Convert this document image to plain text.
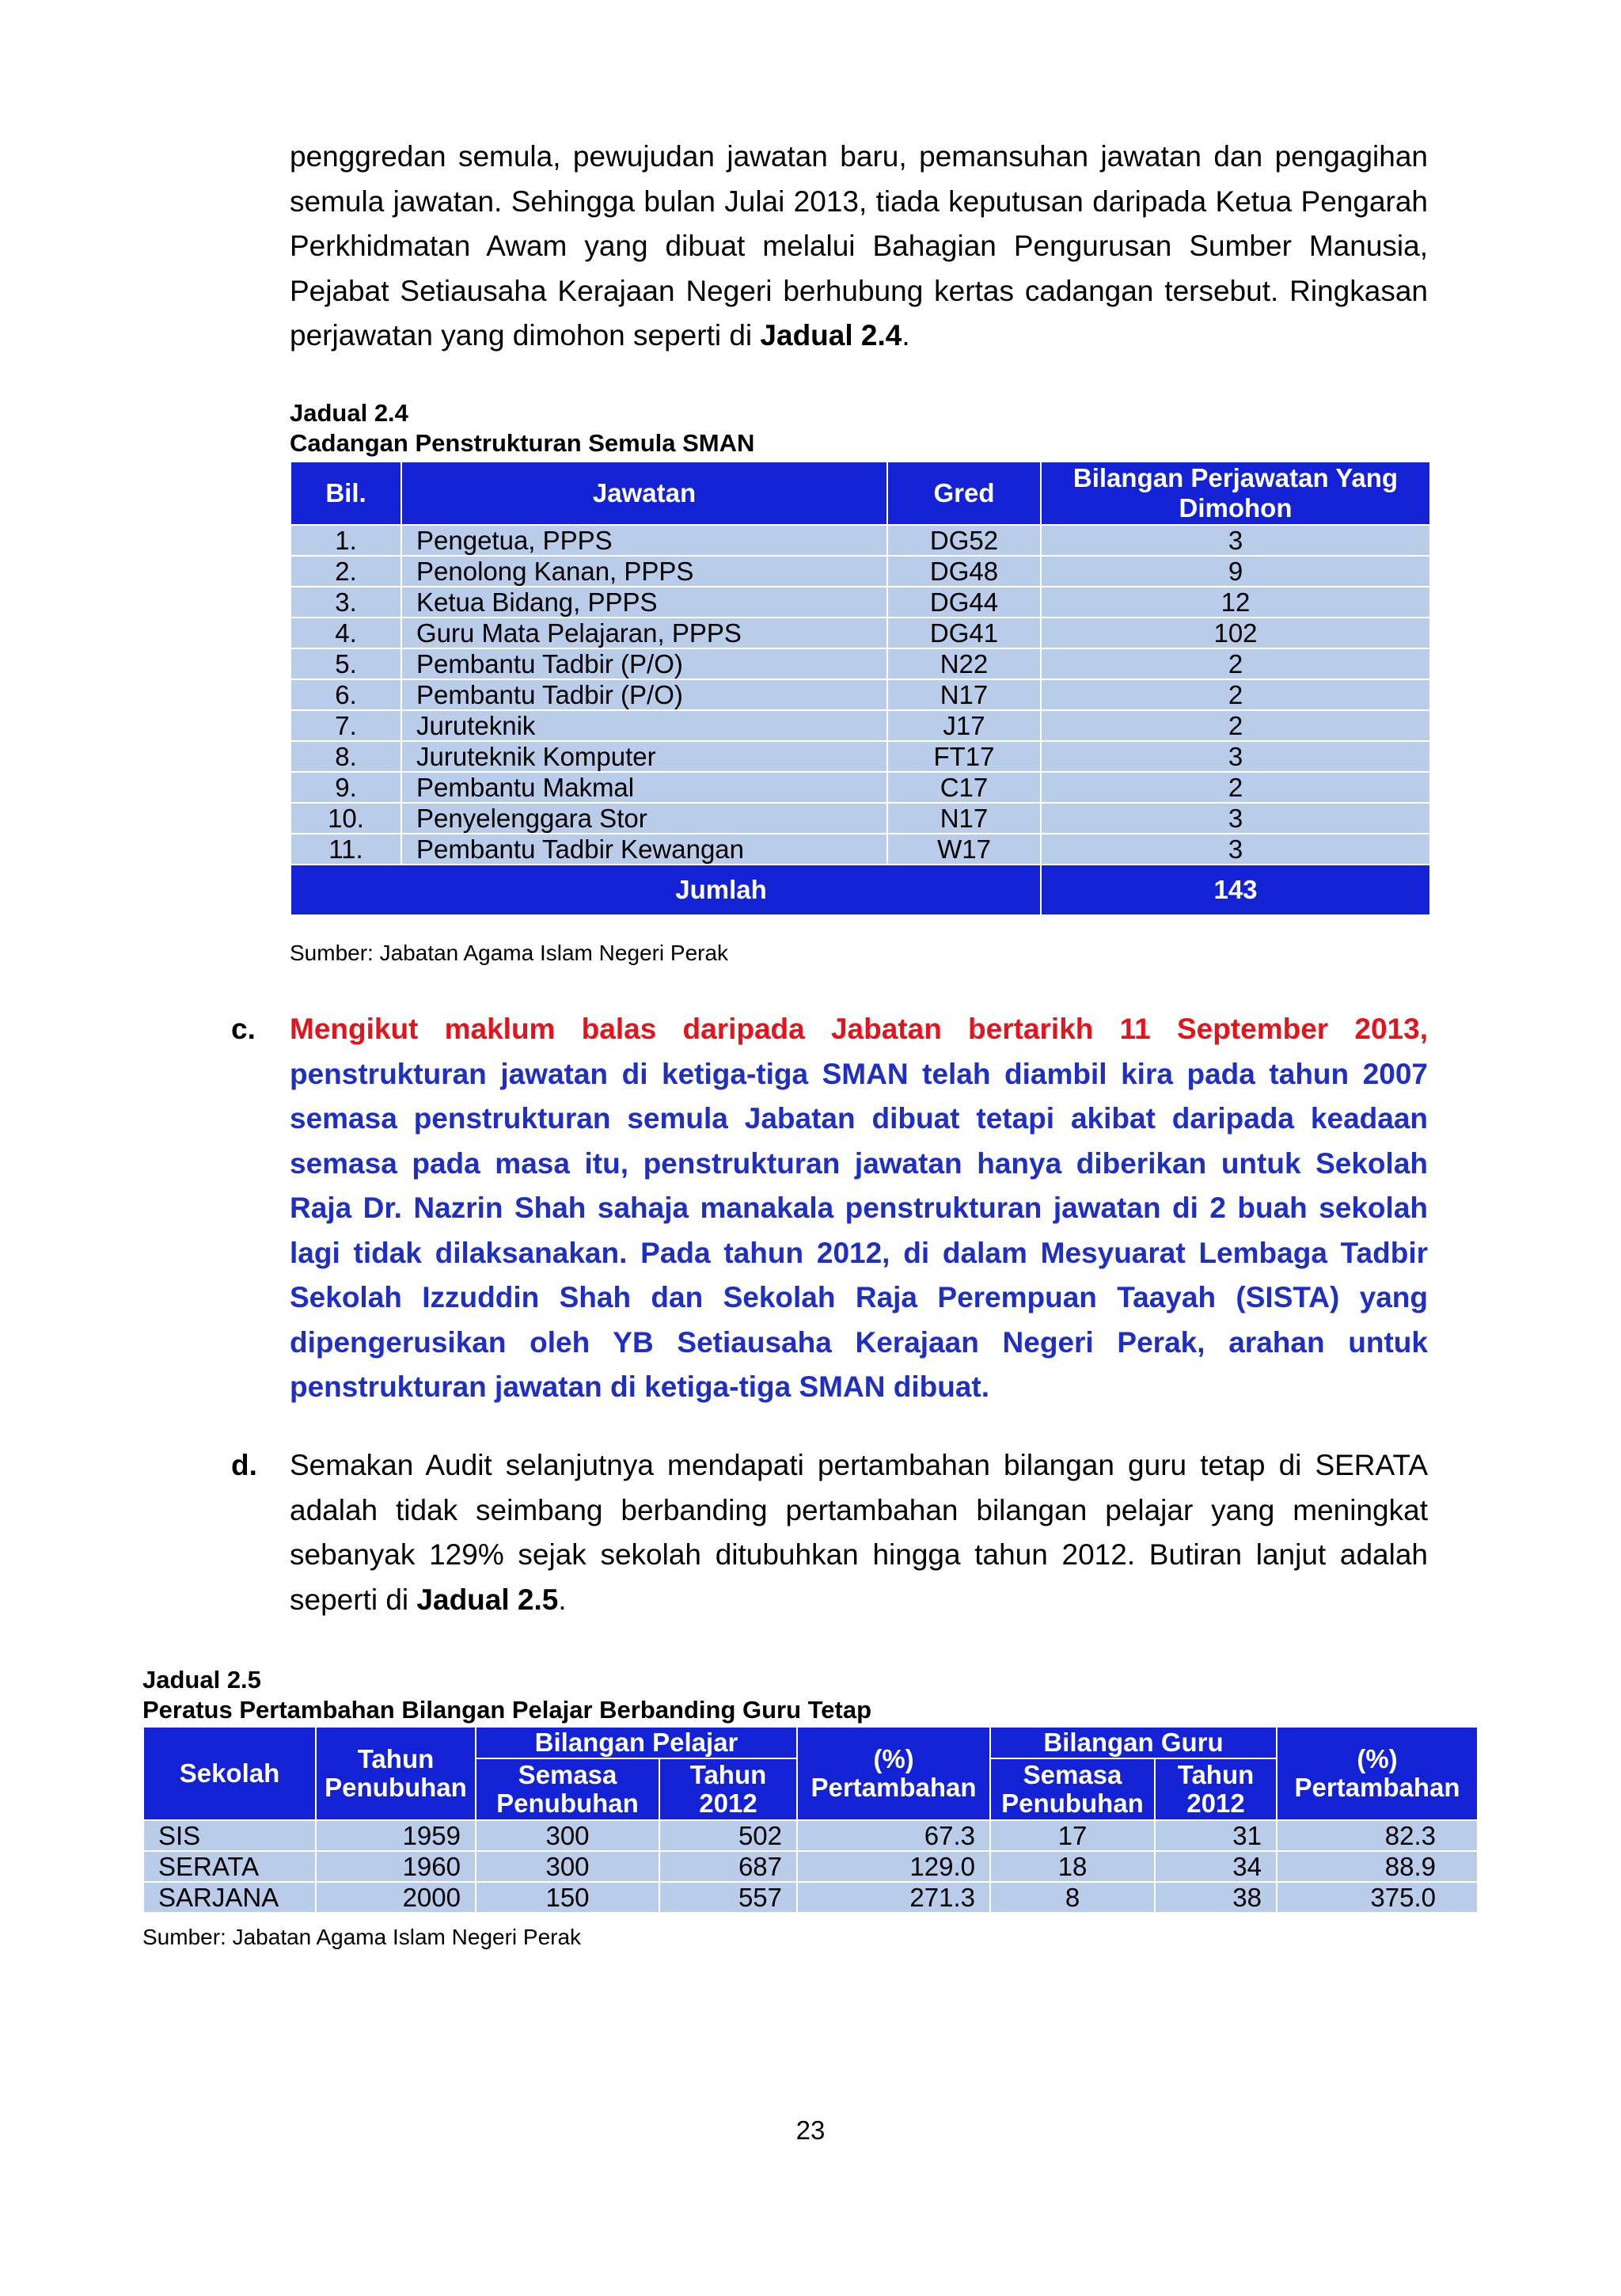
penggredan semula, pewujudan jawatan baru, pemansuhan jawatan dan pengagihan semula jawatan. Sehingga bulan Julai 2013, tiada keputusan daripada Ketua Pengarah Perkhidmatan Awam yang dibuat melalui Bahagian Pengurusan Sumber Manusia, Pejabat Setiausaha Kerajaan Negeri berhubung kertas cadangan tersebut. Ringkasan perjawatan yang dimohon seperti di Jadual 2.4.

Jadual 2.4

Cadangan Penstrukturan Semula SMAN

Bil.	Jawatan	Gred	Bilangan Perjawatan Yang Dimohon
1.	Pengetua, PPPS	DG52	3
2.	Penolong Kanan, PPPS	DG48	9
3.	Ketua Bidang, PPPS	DG44	12
4.	Guru Mata Pelajaran, PPPS	DG41	102
5.	Pembantu Tadbir (P/O)	N22	2
6.	Pembantu Tadbir (P/O)	N17	2
7.	Juruteknik	J17	2
8.	Juruteknik Komputer	FT17	3
9.	Pembantu Makmal	C17	2
10.	Penyelenggara Stor	N17	3
11.	Pembantu Tadbir Kewangan	W17	3
Jumlah			143

Sumber: Jabatan Agama Islam Negeri Perak

c. Mengikut maklum balas daripada Jabatan bertarikh 11 September 2013, penstrukturan jawatan di ketiga-tiga SMAN telah diambil kira pada tahun 2007 semasa penstrukturan semula Jabatan dibuat tetapi akibat daripada keadaan semasa pada masa itu, penstrukturan jawatan hanya diberikan untuk Sekolah Raja Dr. Nazrin Shah sahaja manakala penstrukturan jawatan di 2 buah sekolah lagi tidak dilaksanakan. Pada tahun 2012, di dalam Mesyuarat Lembaga Tadbir Sekolah Izzuddin Shah dan Sekolah Raja Perempuan Taayah (SISTA) yang dipengerusikan oleh YB Setiausaha Kerajaan Negeri Perak, arahan untuk penstrukturan jawatan di ketiga-tiga SMAN dibuat.

d. Semakan Audit selanjutnya mendapati pertambahan bilangan guru tetap di SERATA adalah tidak seimbang berbanding pertambahan bilangan pelajar yang meningkat sebanyak 129% sejak sekolah ditubuhkan hingga tahun 2012. Butiran lanjut adalah seperti di Jadual 2.5.

Jadual 2.5

Peratus Pertambahan Bilangan Pelajar Berbanding Guru Tetap

Sekolah	Tahun Penubuhan	Bilangan Pelajar		(%) Pertambahan	Bilangan Guru		(%) Pertambahan
		Semasa Penubuhan	Tahun 2012		Semasa Penubuhan	Tahun 2012	
SIS	1959	300	502	67.3	17	31	82.3
SERATA	1960	300	687	129.0	18	34	88.9
SARJANA	2000	150	557	271.3	8	38	375.0

Sumber: Jabatan Agama Islam Negeri Perak

23
